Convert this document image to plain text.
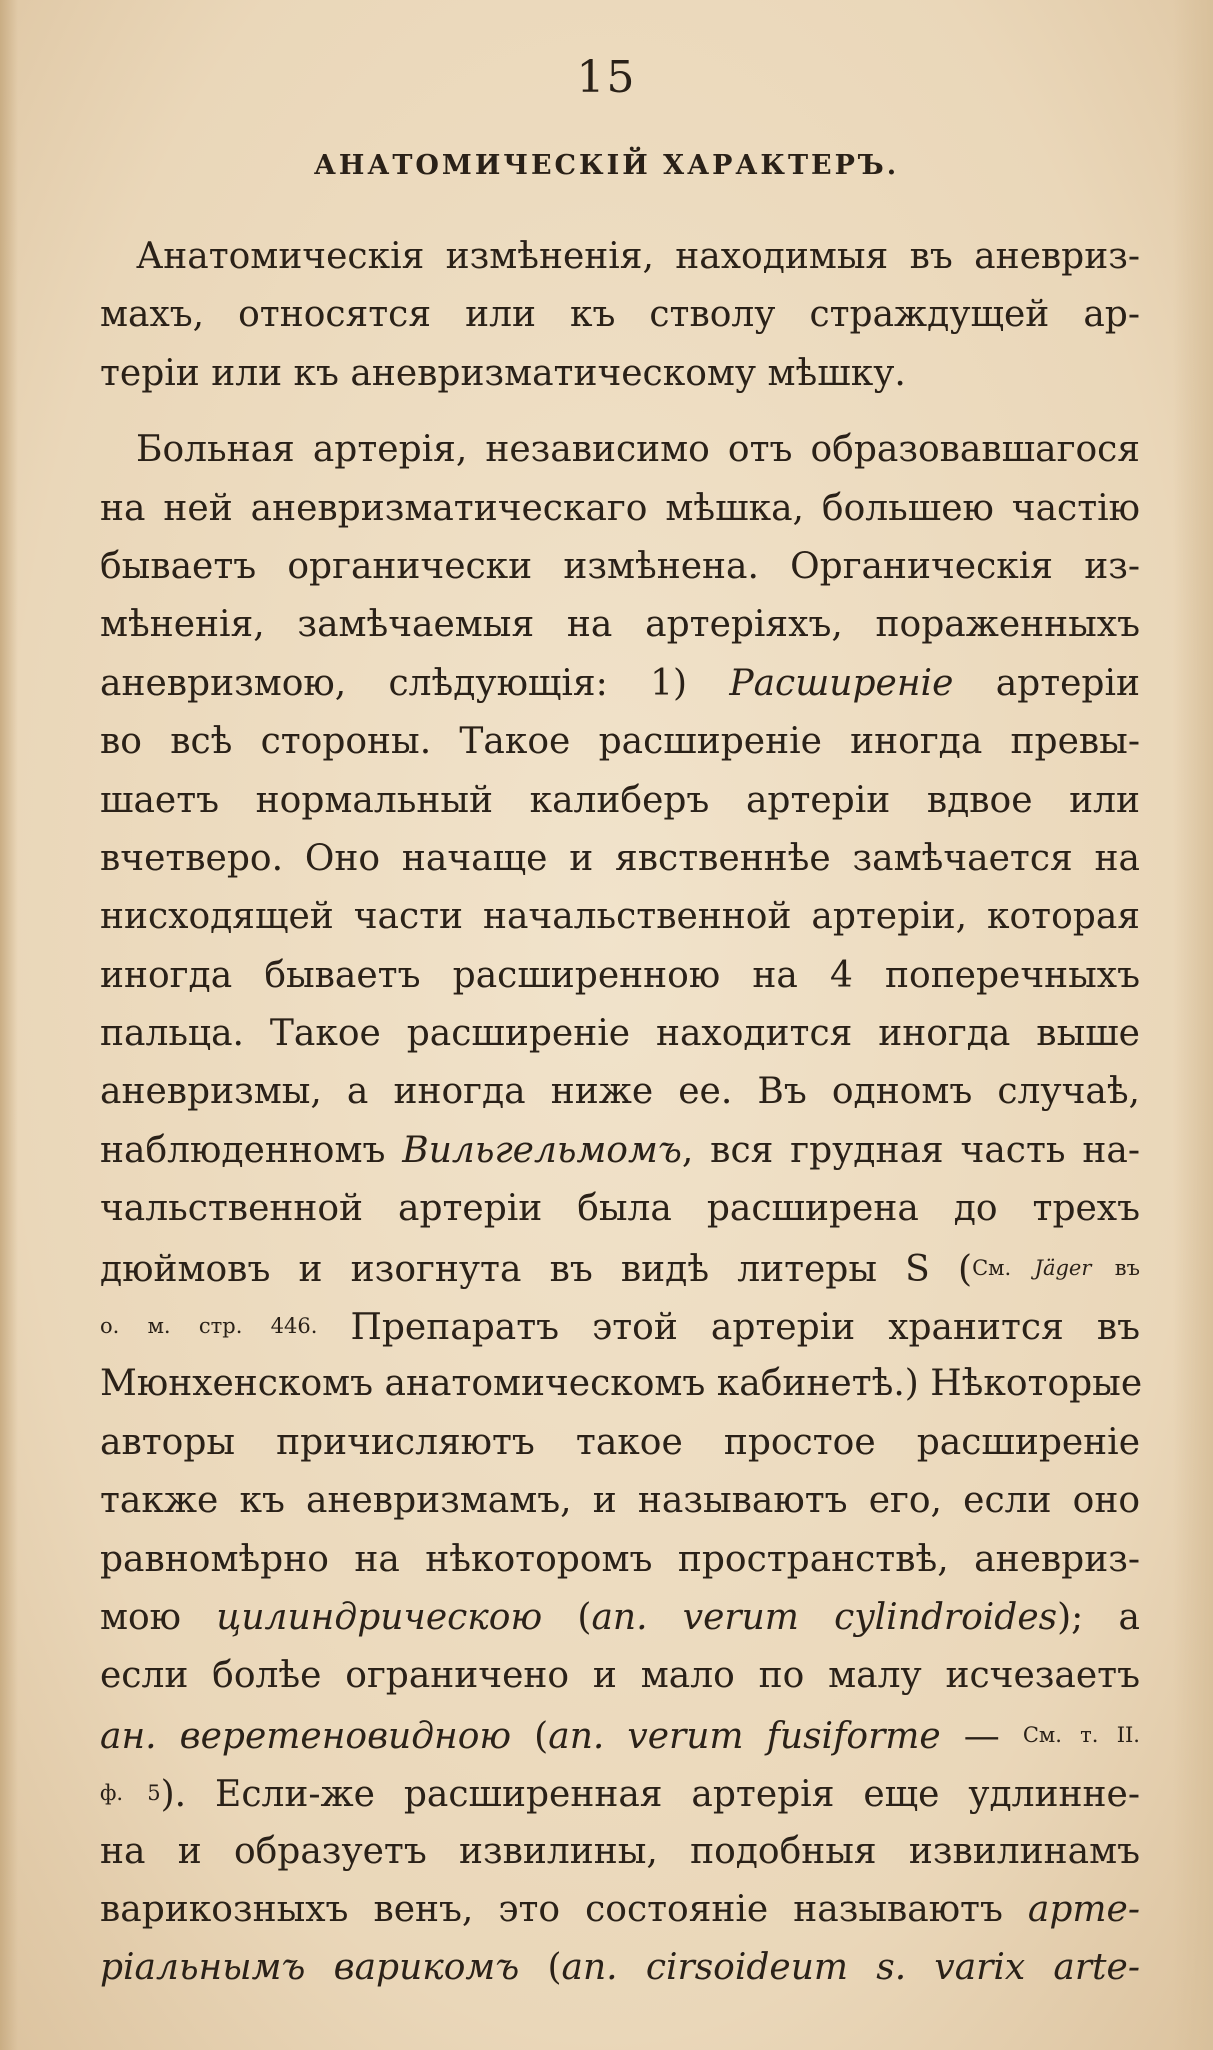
15
АНАТОМИЧЕСКІЙ ХАРАКТЕРЪ.
Анатомическія измѣненія, находимыя въ аневриз-
махъ, относятся или къ стволу страждущей ар-
теріи или къ аневризматическому мѣшку.
Больная артерія, независимо отъ образовавшагося
на ней аневризматическаго мѣшка, большею частію
бываетъ органически измѣнена. Органическія из-
мѣненія, замѣчаемыя на артеріяхъ, пораженныхъ
аневризмою, слѣдующія: 1) Расширеніе артеріи
во всѣ стороны. Такое расширеніе иногда превы-
шаетъ нормальный калиберъ артеріи вдвое или
вчетверо. Оно начаще и явственнѣе замѣчается на
нисходящей части начальственной артеріи, которая
иногда бываетъ расширенною на 4 поперечныхъ
пальца. Такое расширеніе находится иногда выше
аневризмы, а иногда ниже ее. Въ одномъ случаѣ,
наблюденномъ Вильгельмомъ, вся грудная часть на-
чальственной артеріи была расширена до трехъ
дюймовъ и изогнута въ видѣ литеры S (См. Jäger въ
о. м. стр. 446. Препаратъ этой артеріи хранится въ
Мюнхенскомъ анатомическомъ кабинетѣ.) Нѣкоторые
авторы причисляютъ такое простое расширеніе
также къ аневризмамъ, и называютъ его, если оно
равномѣрно на нѣкоторомъ пространствѣ, аневриз-
мою цилиндрическою (an. verum cylindroides); а
если болѣе ограничено и мало по малу исчезаетъ
ан. веретеновидною (an. verum fusiforme — См. т. II.
ф. 5). Если-же расширенная артерія еще удлинне-
на и образуетъ извилины, подобныя извилинамъ
варикозныхъ венъ, это состояніе называютъ арте-
ріальнымъ варикомъ (an. cirsoideum s. varix arte-
